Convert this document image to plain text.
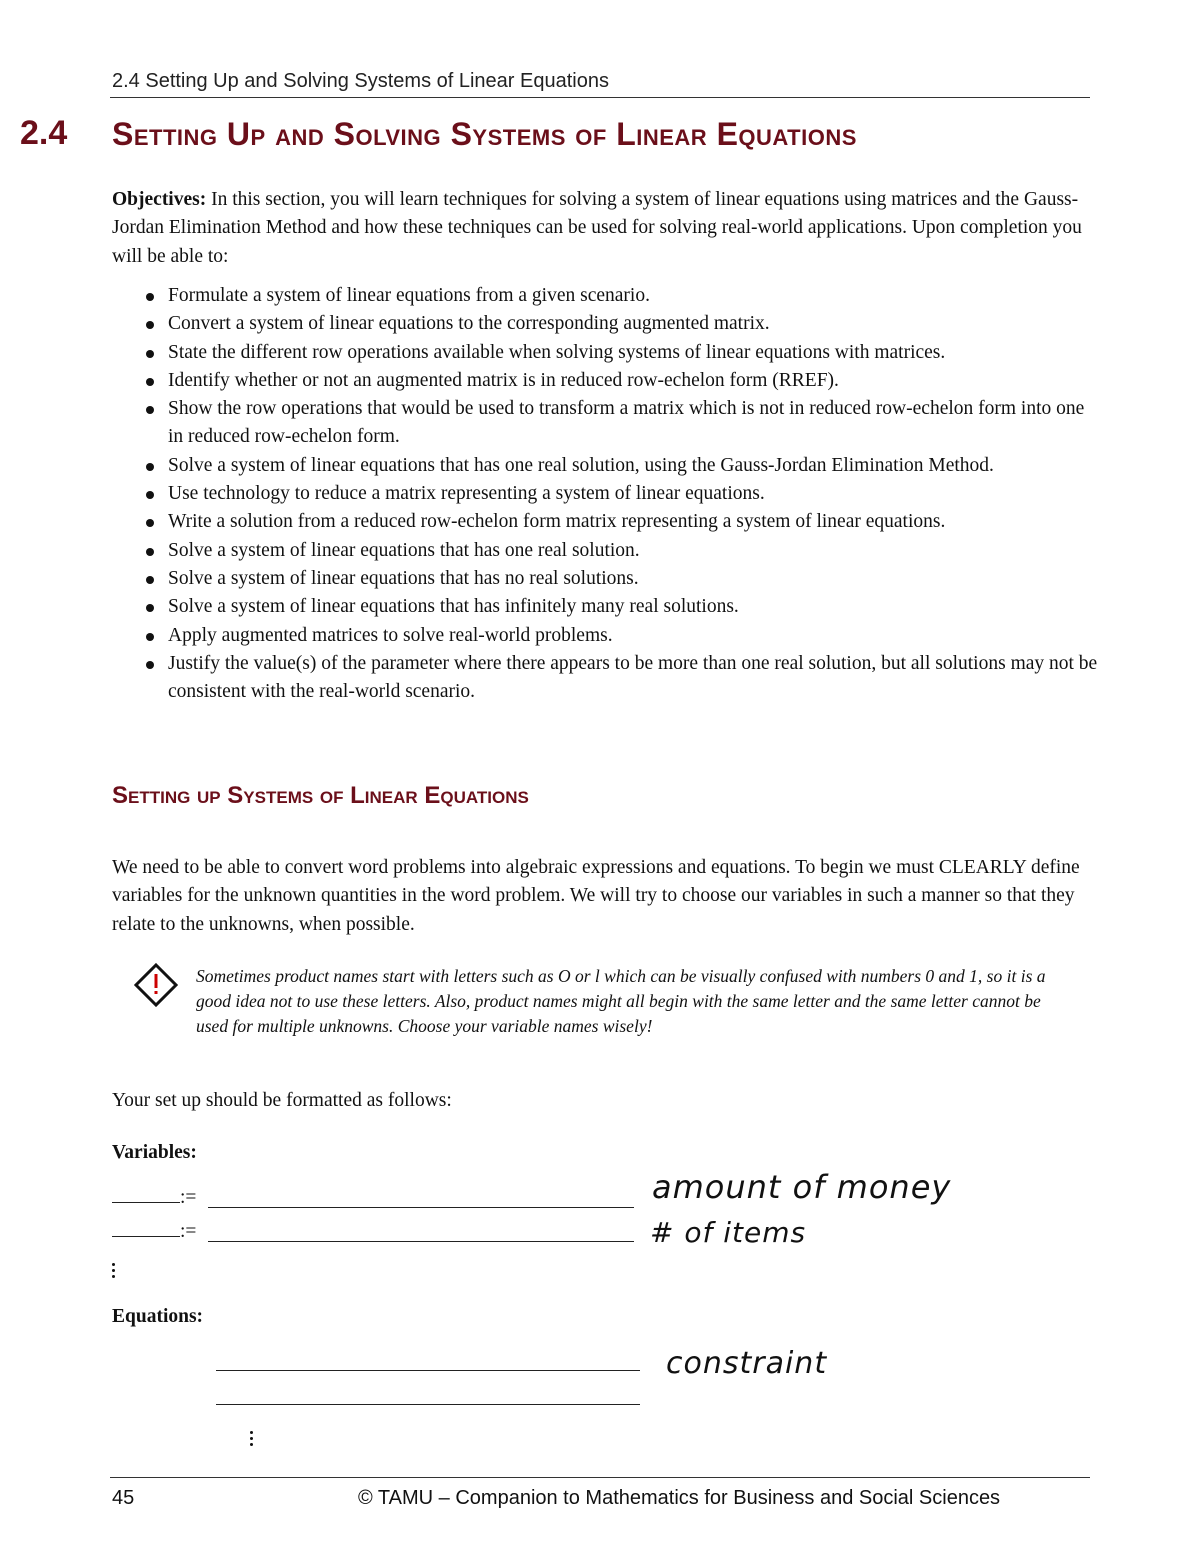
2.4 Setting Up and Solving Systems of Linear Equations
2.4 Setting Up and Solving Systems of Linear Equations
Objectives: In this section, you will learn techniques for solving a system of linear equations using matrices and the Gauss-Jordan Elimination Method and how these techniques can be used for solving real-world applications. Upon completion you will be able to:
Formulate a system of linear equations from a given scenario.
Convert a system of linear equations to the corresponding augmented matrix.
State the different row operations available when solving systems of linear equations with matrices.
Identify whether or not an augmented matrix is in reduced row-echelon form (RREF).
Show the row operations that would be used to transform a matrix which is not in reduced row-echelon form into one in reduced row-echelon form.
Solve a system of linear equations that has one real solution, using the Gauss-Jordan Elimination Method.
Use technology to reduce a matrix representing a system of linear equations.
Write a solution from a reduced row-echelon form matrix representing a system of linear equations.
Solve a system of linear equations that has one real solution.
Solve a system of linear equations that has no real solutions.
Solve a system of linear equations that has infinitely many real solutions.
Apply augmented matrices to solve real-world problems.
Justify the value(s) of the parameter where there appears to be more than one real solution, but all solutions may not be consistent with the real-world scenario.
Setting up Systems of Linear Equations
We need to be able to convert word problems into algebraic expressions and equations. To begin we must CLEARLY define variables for the unknown quantities in the word problem. We will try to choose our variables in such a manner so that they relate to the unknowns, when possible.
Sometimes product names start with letters such as O or l which can be visually confused with numbers 0 and 1, so it is a good idea not to use these letters. Also, product names might all begin with the same letter and the same letter cannot be used for multiple unknowns. Choose your variable names wisely!
Your set up should be formatted as follows:
Variables:
:=
:=
Equations:
amount of money
# of items
constraint
45	© TAMU – Companion to Mathematics for Business and Social Sciences
